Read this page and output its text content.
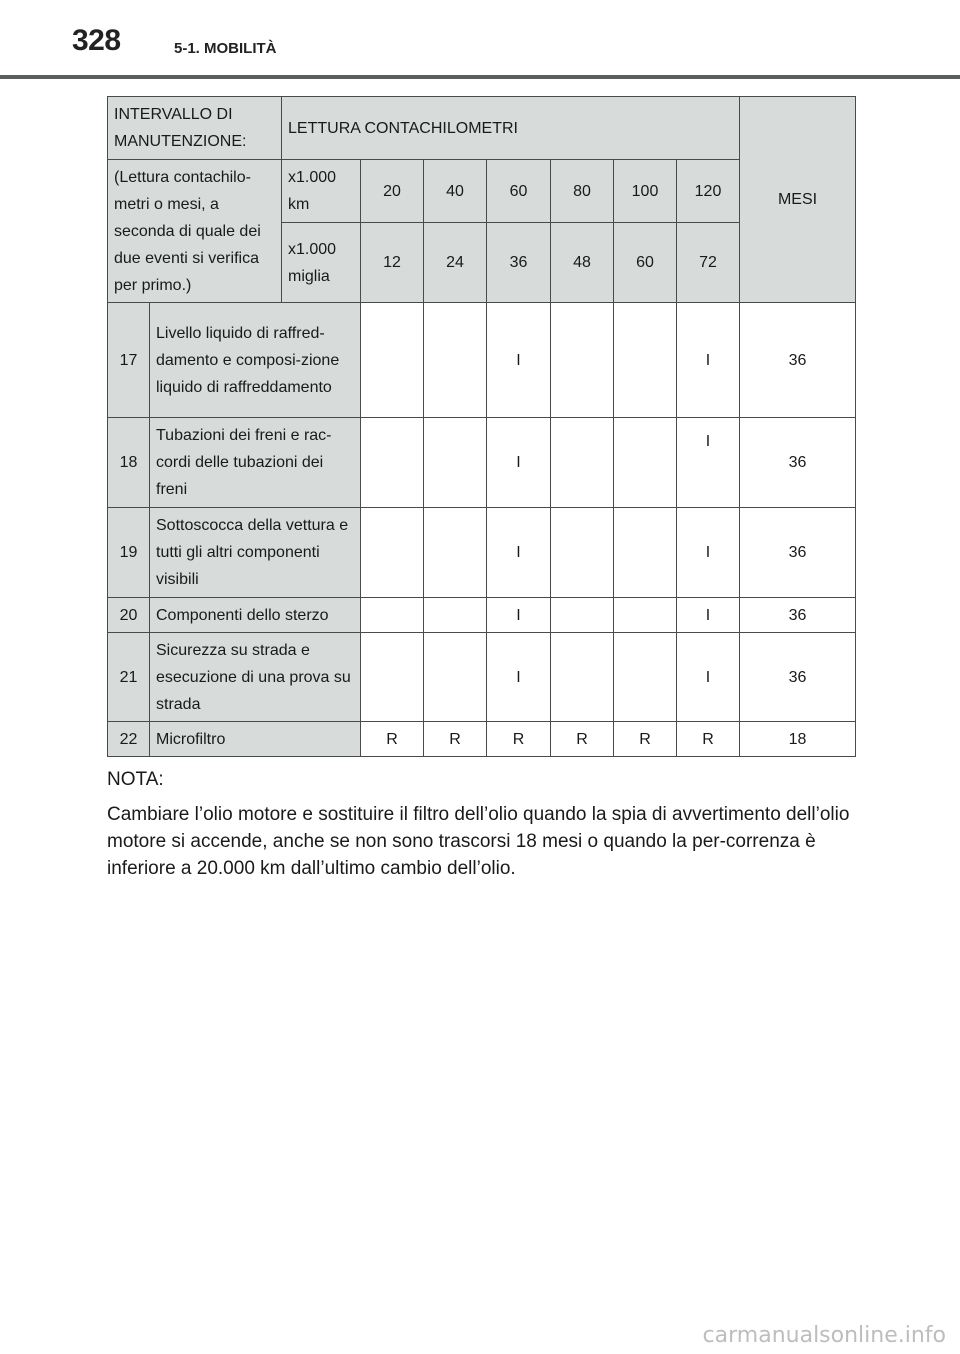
328	5-1. MOBILITÀ
INTERVALLO DI MANUTENZIONE:		LETTURA CONTACHILOMETRI							MESI
(Lettura contachilo-metri o mesi, a seconda di quale dei due eventi si verifica per primo.)		x1.000 km	20	40	60	80	100	120	
		x1.000 miglia	12	24	36	48	60	72	
17	Livello liquido di raffred-damento e composi-zione liquido di raffreddamento				I			I	36
18	Tubazioni dei freni e rac-cordi delle tubazioni dei freni				I			I	36
19	Sottoscocca della vettura e tutti gli altri componenti visibili				I			I	36
20	Componenti dello sterzo				I			I	36
21	Sicurezza su strada e esecuzione di una prova su strada				I			I	36
22	Microfiltro		R	R	R	R	R	R	18

NOTA:

Cambiare l’olio motore e sostituire il filtro dell’olio quando la spia di avvertimento dell’olio motore si accende, anche se non sono trascorsi 18 mesi o quando la per-correnza è inferiore a 20.000 km dall’ultimo cambio dell’olio.

carmanualsonline.info
